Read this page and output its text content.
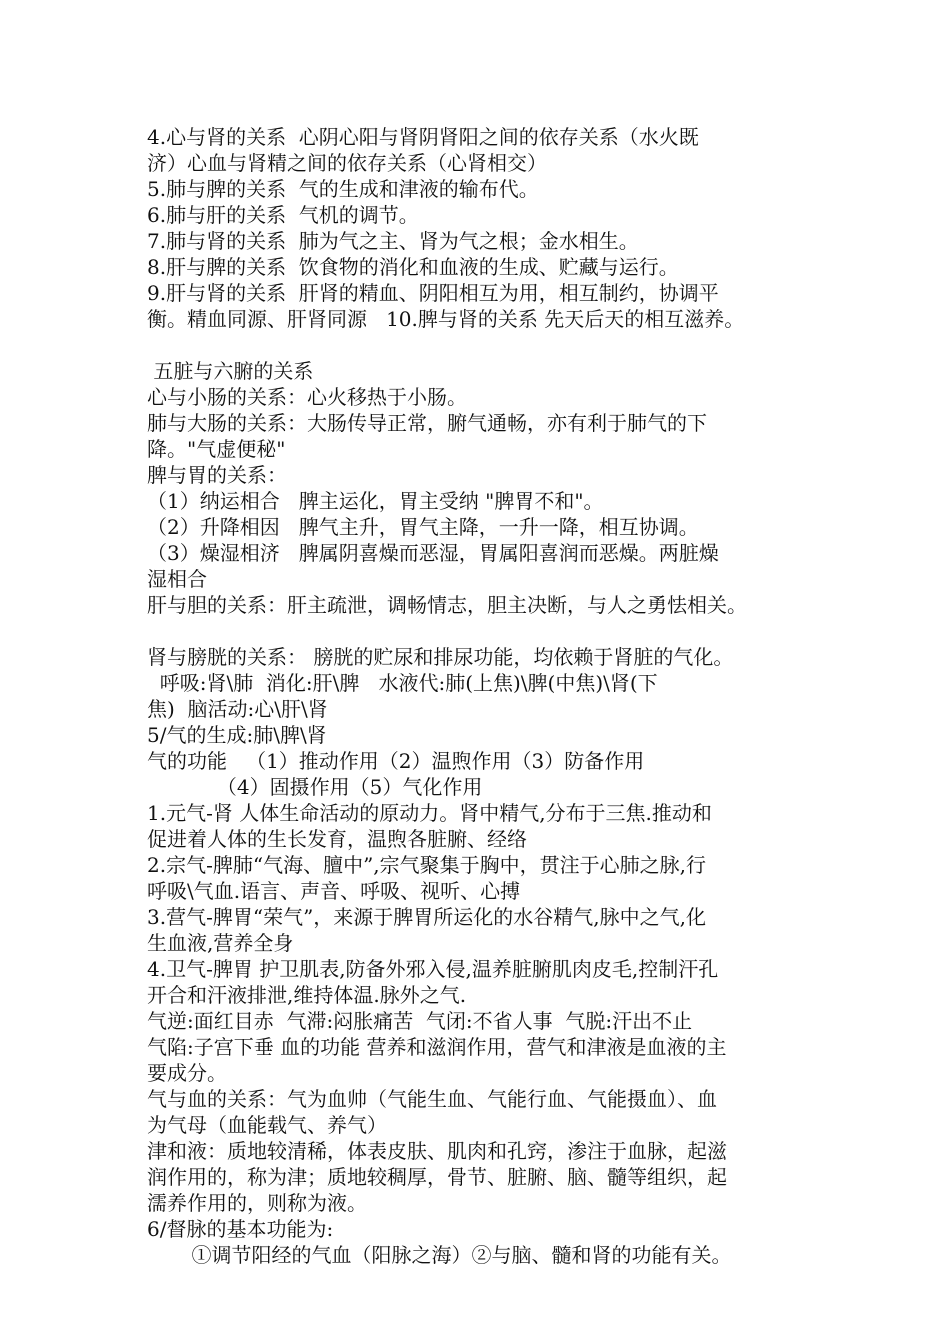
4.心与肾的关系  心阴心阳与肾阴肾阳之间的依存关系（水火既
济）心血与肾精之间的依存关系（心肾相交）
5.肺与脾的关系  气的生成和津液的输布代。
6.肺与肝的关系  气机的调节。
7.肺与肾的关系  肺为气之主、肾为气之根；金水相生。
8.肝与脾的关系  饮食物的消化和血液的生成、贮藏与运行。
9.肝与肾的关系  肝肾的精血、阴阳相互为用，相互制约，协调平
衡。精血同源、肝肾同源   10.脾与肾的关系 先天后天的相互滋养。
五脏与六腑的关系
心与小肠的关系：心火移热于小肠。
肺与大肠的关系：大肠传导正常，腑气通畅，亦有利于肺气的下
降。"气虚便秘"
脾与胃的关系：
（1）纳运相合   脾主运化，胃主受纳 "脾胃不和"。
（2）升降相因   脾气主升，胃气主降，一升一降，相互协调。
（3）燥湿相济   脾属阴喜燥而恶湿，胃属阳喜润而恶燥。两脏燥
湿相合
肝与胆的关系：肝主疏泄，调畅情志，胆主决断，与人之勇怯相关。
肾与膀胱的关系： 膀胱的贮尿和排尿功能，均依赖于肾脏的气化。
呼吸:肾\肺  消化:肝\脾   水液代:肺(上焦)\脾(中焦)\肾(下
焦)  脑活动:心\肝\肾
5/气的生成:肺\脾\肾
气的功能   （1）推动作用（2）温煦作用（3）防备作用
（4）固摄作用（5）气化作用
1.元气-肾 人体生命活动的原动力。肾中精气,分布于三焦.推动和
促进着人体的生长发育，温煦各脏腑、经络
2.宗气-脾肺“气海、膻中”,宗气聚集于胸中，贯注于心肺之脉,行
呼吸\气血.语言、声音、呼吸、视听、心搏
3.营气-脾胃“荣气”，来源于脾胃所运化的水谷精气,脉中之气,化
生血液,营养全身
4.卫气-脾胃 护卫肌表,防备外邪入侵,温养脏腑肌肉皮毛,控制汗孔
开合和汗液排泄,维持体温.脉外之气.
气逆:面红目赤  气滞:闷胀痛苦  气闭:不省人事  气脱:汗出不止
气陷:子宫下垂 血的功能 营养和滋润作用，营气和津液是血液的主
要成分。
气与血的关系：气为血帅（气能生血、气能行血、气能摄血）、血
为气母（血能载气、养气）
津和液：质地较清稀，体表皮肤、肌肉和孔窍，渗注于血脉，起滋
润作用的，称为津；质地较稠厚，骨节、脏腑、脑、髓等组织，起
濡养作用的，则称为液。
6/督脉的基本功能为:
①调节阳经的气血（阳脉之海）②与脑、髓和肾的功能有关。
